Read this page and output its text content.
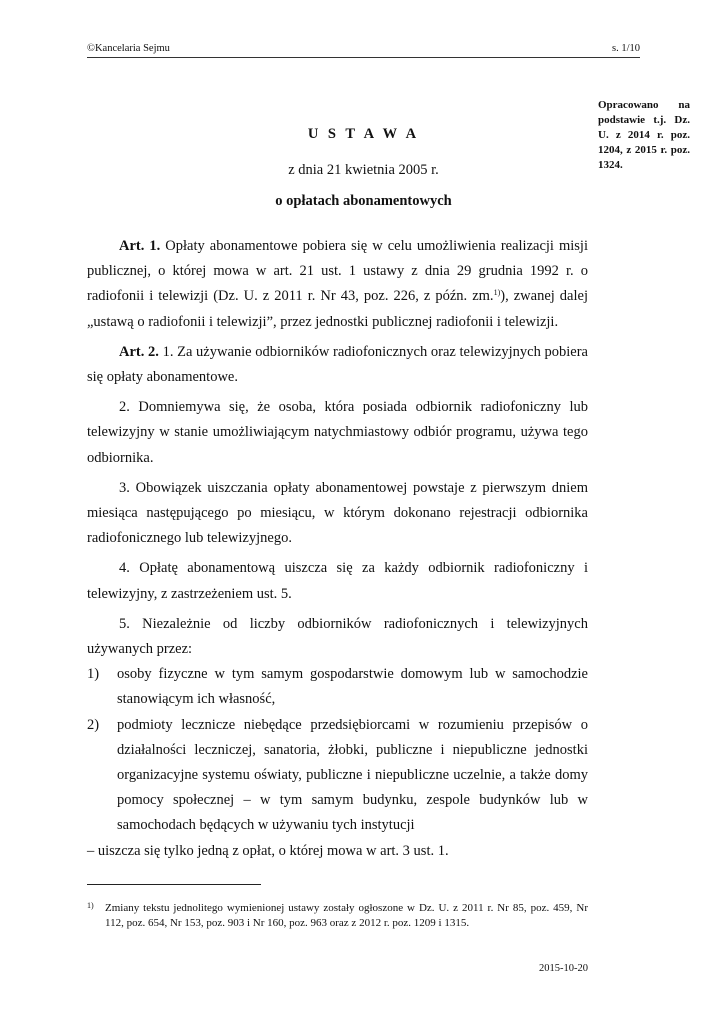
©Kancelaria Sejmu	s. 1/10
Opracowano na podstawie t.j. Dz. U. z 2014 r. poz. 1204, z 2015 r. poz. 1324.
U S T A W A
z dnia 21 kwietnia 2005 r.
o opłatach abonamentowych

Art. 1. Opłaty abonamentowe pobiera się w celu umożliwienia realizacji misji publicznej, o której mowa w art. 21 ust. 1 ustawy z dnia 29 grudnia 1992 r. o radiofonii i telewizji (Dz. U. z 2011 r. Nr 43, poz. 226, z późn. zm.$^{1)}$), zwanej dalej „ustawą o radiofonii i telewizji”, przez jednostki publicznej radiofonii i telewizji.

Art. 2. 1. Za używanie odbiorników radiofonicznych oraz telewizyjnych pobiera się opłaty abonamentowe.

2. Domniemywa się, że osoba, która posiada odbiornik radiofoniczny lub telewizyjny w stanie umożliwiającym natychmiastowy odbiór programu, używa tego odbiornika.

3. Obowiązek uiszczania opłaty abonamentowej powstaje z pierwszym dniem miesiąca następującego po miesiącu, w którym dokonano rejestracji odbiornika radiofonicznego lub telewizyjnego.

4. Opłatę abonamentową uiszcza się za każdy odbiornik radiofoniczny i telewizyjny, z zastrzeżeniem ust. 5.

5. Niezależnie od liczby odbiorników radiofonicznych i telewizyjnych używanych przez:

1) osoby fizyczne w tym samym gospodarstwie domowym lub w samochodzie stanowiącym ich własność,
2) podmioty lecznicze niebędące przedsiębiorcami w rozumieniu przepisów o działalności leczniczej, sanatoria, żłobki, publiczne i niepubliczne jednostki organizacyjne systemu oświaty, publiczne i niepubliczne uczelnie, a także domy pomocy społecznej – w tym samym budynku, zespole budynków lub w samochodach będących w używaniu tych instytucji

– uiszcza się tylko jedną z opłat, o której mowa w art. 3 ust. 1.

1) Zmiany tekstu jednolitego wymienionej ustawy zostały ogłoszone w Dz. U. z 2011 r. Nr 85, poz. 459, Nr 112, poz. 654, Nr 153, poz. 903 i Nr 160, poz. 963 oraz z 2012 r. poz. 1209 i 1315.
2015-10-20
